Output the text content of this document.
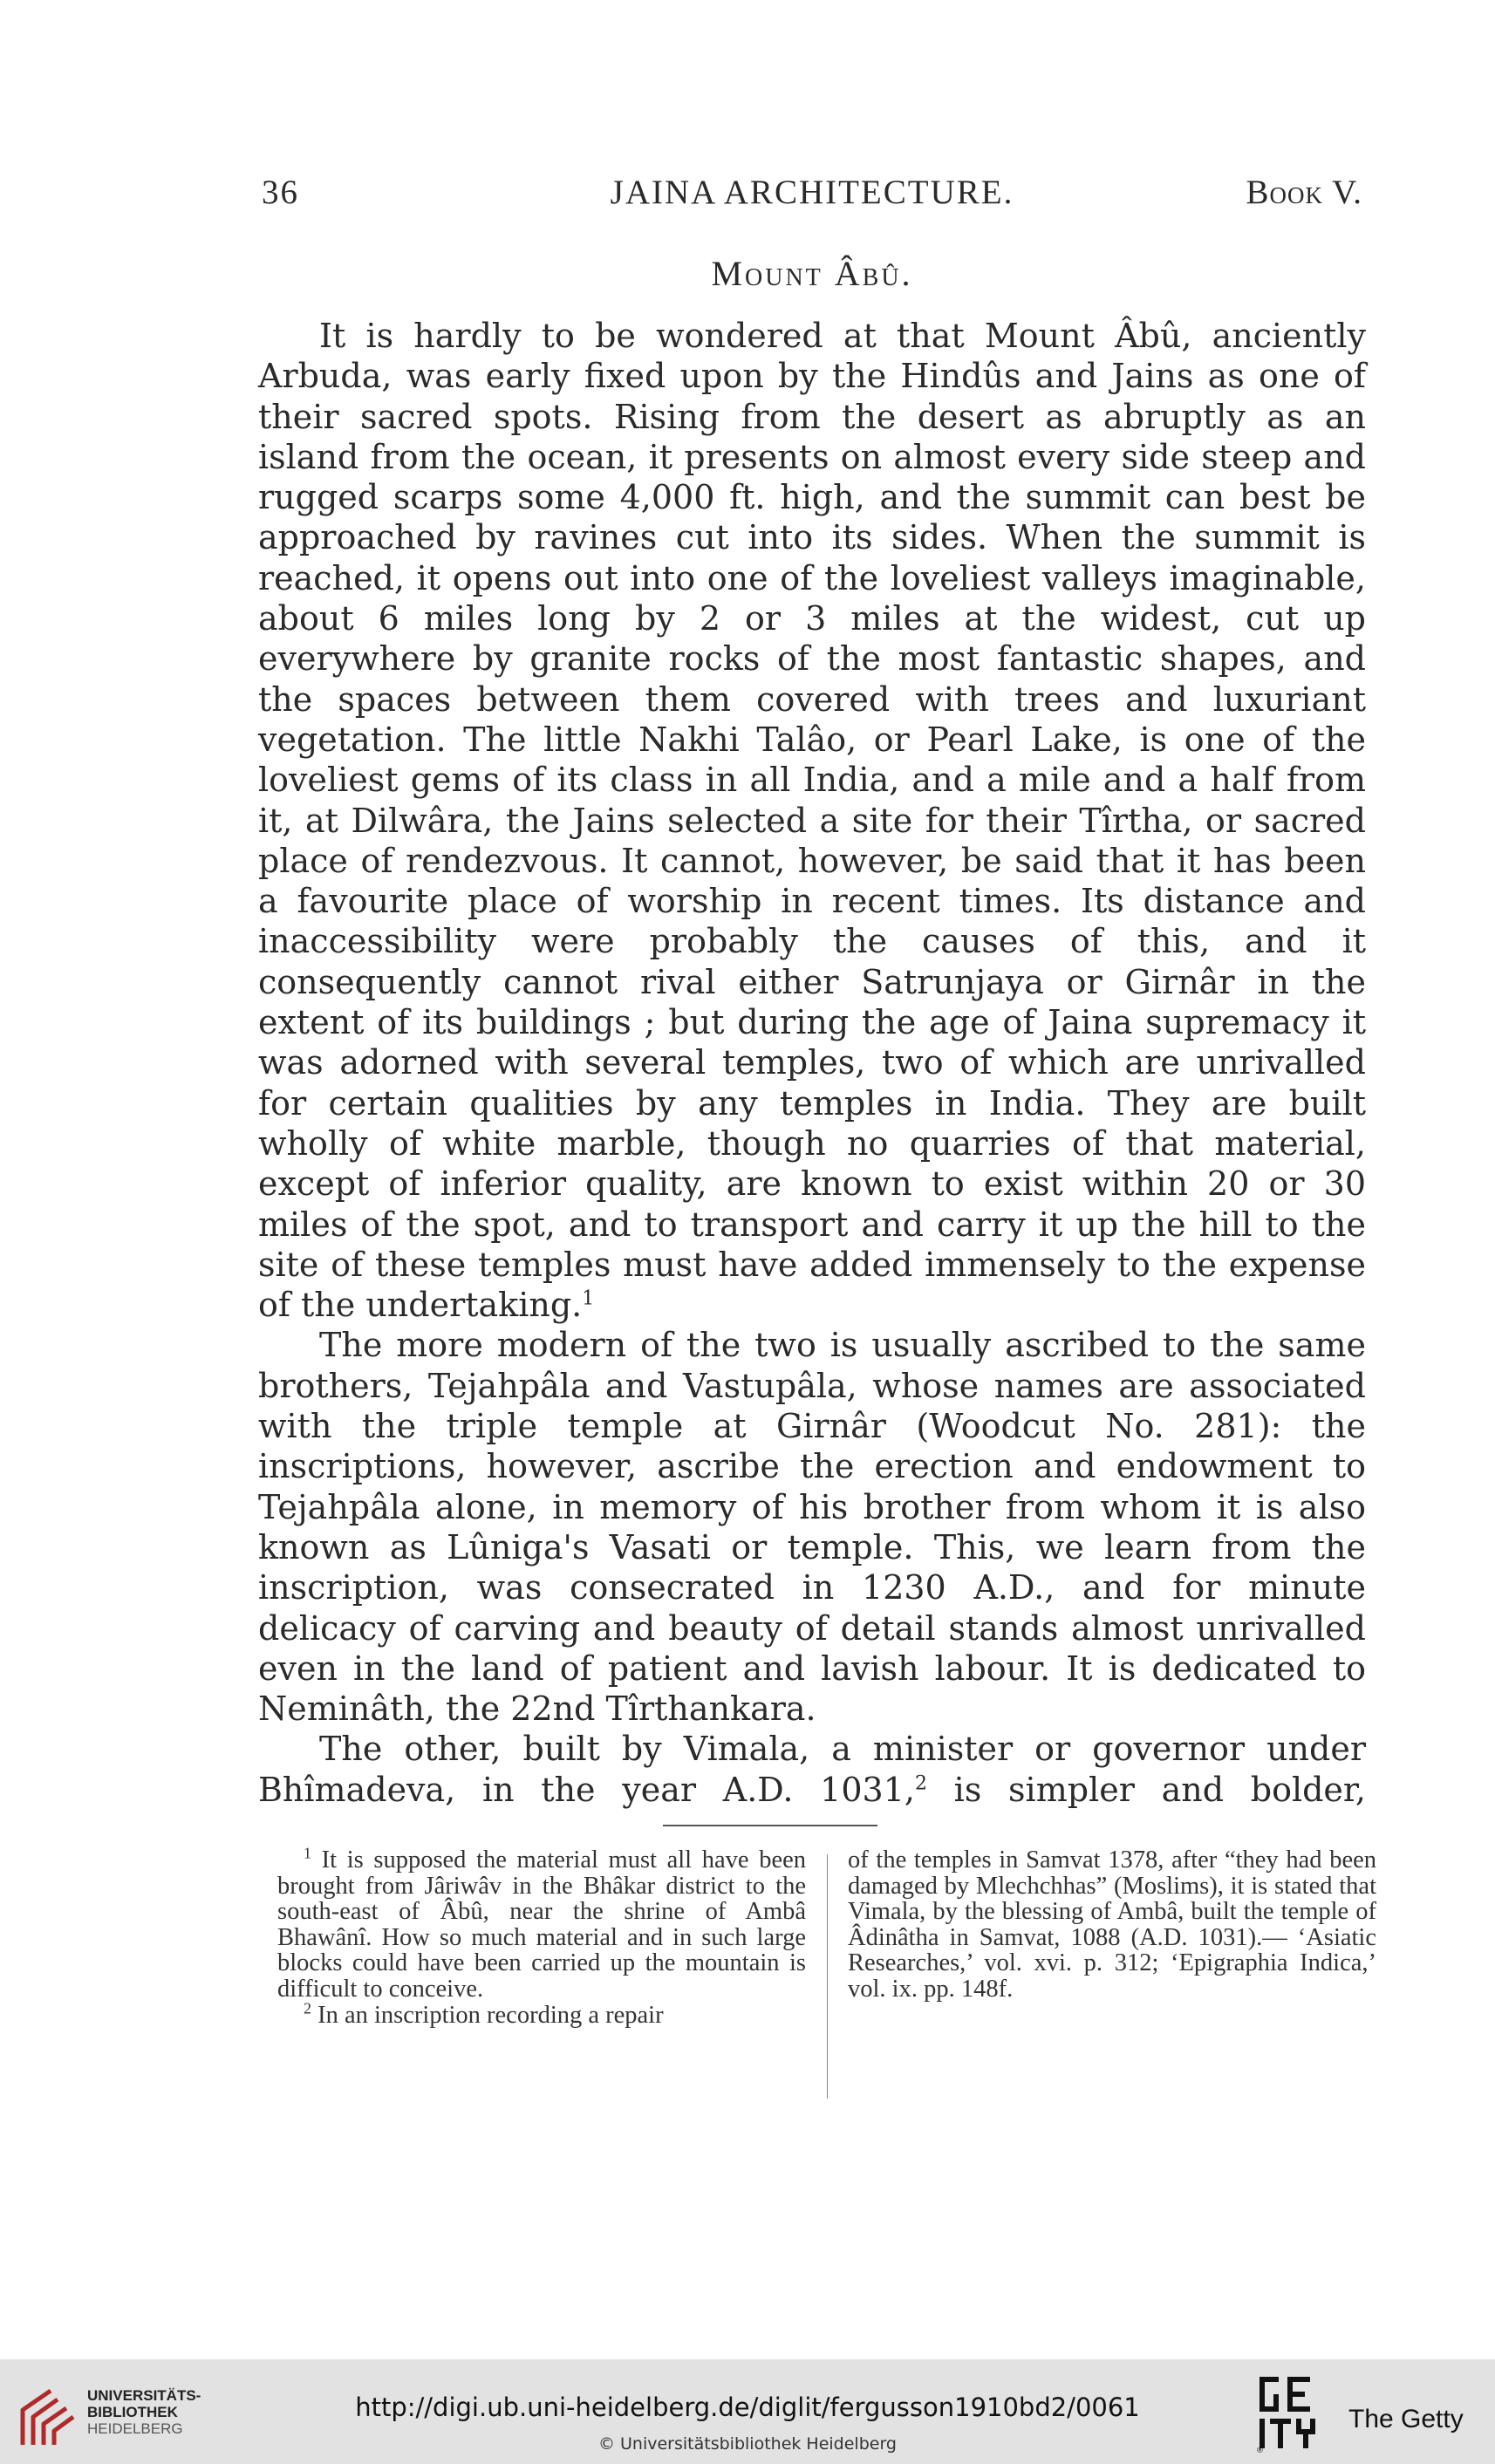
36	JAINA ARCHITECTURE.	Book V.
Mount Âbû.

It is hardly to be wondered at that Mount Âbû, anciently Arbuda, was early fixed upon by the Hindûs and Jains as one of their sacred spots. Rising from the desert as abruptly as an island from the ocean, it presents on almost every side steep and rugged scarps some 4,000 ft. high, and the summit can best be approached by ravines cut into its sides. When the summit is reached, it opens out into one of the loveliest valleys imaginable, about 6 miles long by 2 or 3 miles at the widest, cut up everywhere by granite rocks of the most fantastic shapes, and the spaces between them covered with trees and luxuriant vegetation. The little Nakhi Talâo, or Pearl Lake, is one of the loveliest gems of its class in all India, and a mile and a half from it, at Dilwâra, the Jains selected a site for their Tîrtha, or sacred place of rendezvous. It cannot, however, be said that it has been a favourite place of worship in recent times. Its distance and inaccessibility were probably the causes of this, and it consequently cannot rival either Satrunjaya or Girnâr in the extent of its buildings ; but during the age of Jaina supremacy it was adorned with several temples, two of which are unrivalled for certain qualities by any temples in India. They are built wholly of white marble, though no quarries of that material, except of inferior quality, are known to exist within 20 or 30 miles of the spot, and to transport and carry it up the hill to the site of these temples must have added immensely to the expense of the undertaking.$^1$

The more modern of the two is usually ascribed to the same brothers, Tejahpâla and Vastupâla, whose names are associated with the triple temple at Girnâr (Woodcut No. 281): the inscriptions, however, ascribe the erection and endowment to Tejahpâla alone, in memory of his brother from whom it is also known as Lûniga's Vasati or temple. This, we learn from the inscription, was consecrated in 1230 A.D., and for minute delicacy of carving and beauty of detail stands almost unrivalled even in the land of patient and lavish labour. It is dedicated to Neminâth, the 22nd Tîrthankara.

The other, built by Vimala, a minister or governor under Bhîmadeva, in the year A.D. 1031,$^2$ is simpler and bolder,

$^1$ It is supposed the material must all have been brought from Jâriwâv in the Bhâkar district to the south-east of Âbû, near the shrine of Ambâ Bhawânî. How so much material and in such large blocks could have been carried up the mountain is difficult to conceive.

$^2$ In an inscription recording a repair

of the temples in Samvat 1378, after “they had been damaged by Mlechchhas” (Moslims), it is stated that Vimala, by the blessing of Ambâ, built the temple of Âdinâtha in Samvat, 1088 (A.D. 1031).— ‘Asiatic Researches,’ vol. xvi. p. 312; ‘Epigraphia Indica,’ vol. ix. pp. 148f.

UNIVERSITÄTS-
BIBLIOTHEK
HEIDELBERG
http://digi.ub.uni-heidelberg.de/diglit/fergusson1910bd2/0061
© Universitätsbibliothek Heidelberg	®
The Getty
